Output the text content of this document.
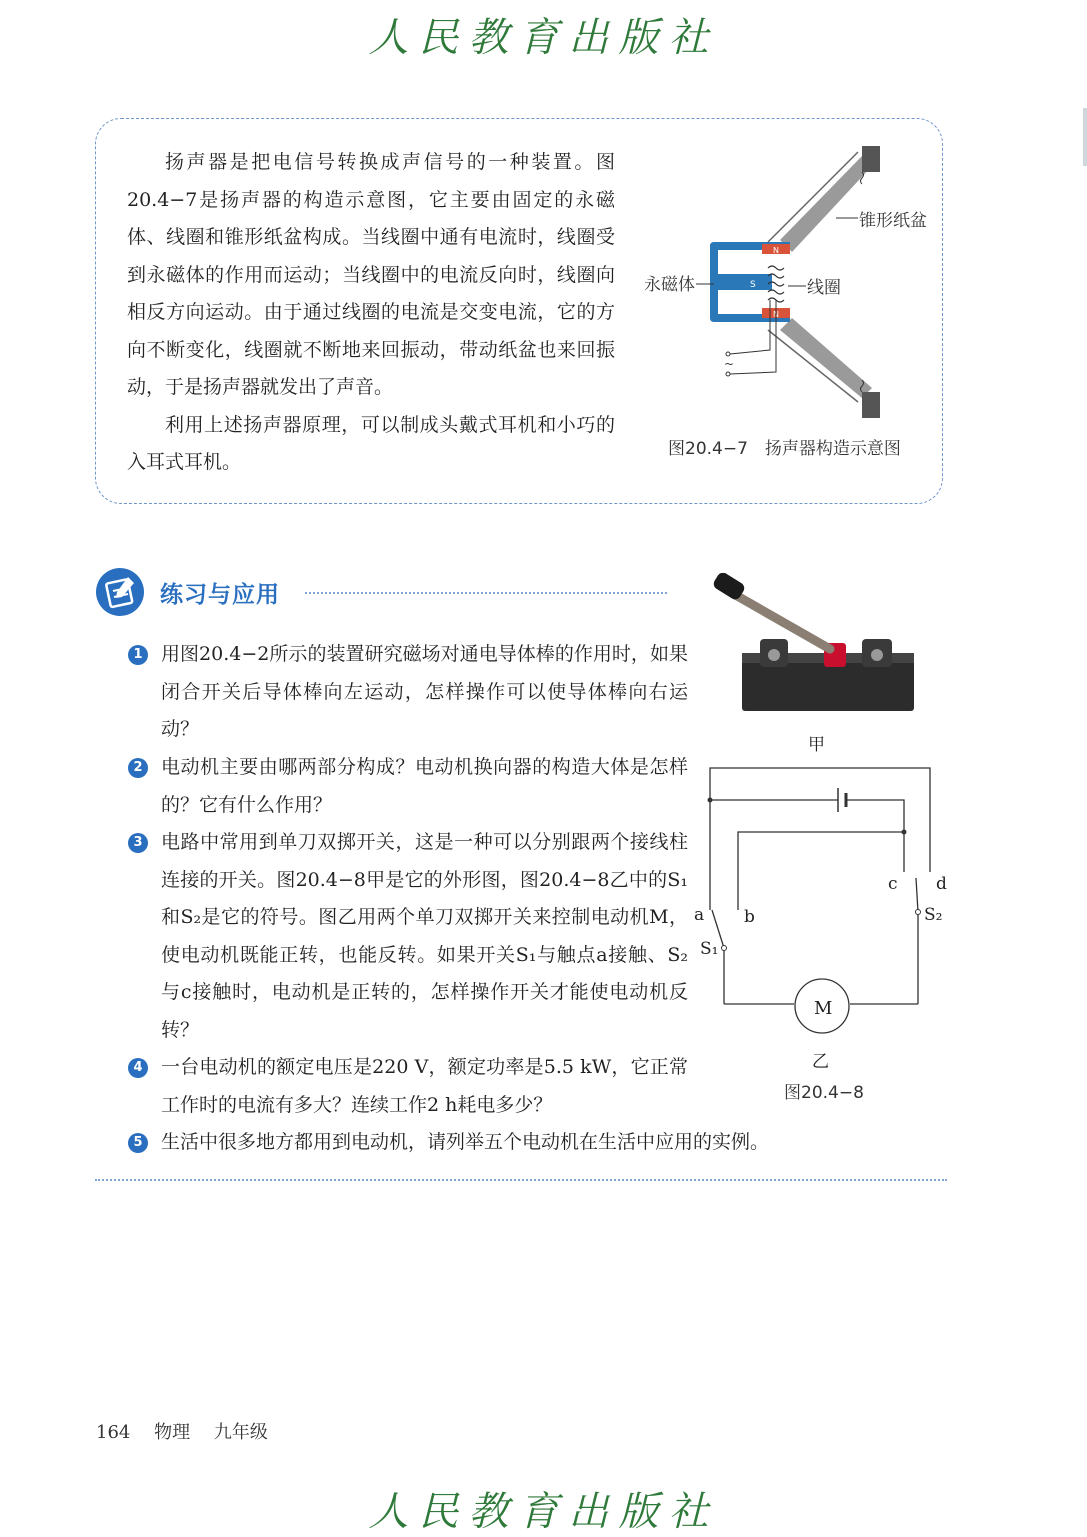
人民教育出版社

扬声器是把电信号转换成声信号的一种装置。图20.4−7是扬声器的构造示意图，它主要由固定的永磁体、线圈和锥形纸盆构成。当线圈中通有电流时，线圈受到永磁体的作用而运动；当线圈中的电流反向时，线圈向相反方向运动。由于通过线圈的电流是交变电流，它的方向不断变化，线圈就不断地来回振动，带动纸盆也来回振动，于是扬声器就发出了声音。

利用上述扬声器原理，可以制成头戴式耳机和小巧的入耳式耳机。

S
N
N
~
锥形纸盆
永磁体	线圈
图20.4−7　扬声器构造示意图
练习与应用
甲
a b
c d
S₁
S₂
M
乙
图20.4−8
1 用图20.4−2所示的装置研究磁场对通电导体棒的作用时，如果闭合开关后导体棒向左运动，怎样操作可以使导体棒向右运动？
2 电动机主要由哪两部分构成？电动机换向器的构造大体是怎样的？它有什么作用？
3 电路中常用到单刀双掷开关，这是一种可以分别跟两个接线柱连接的开关。图20.4−8甲是它的外形图，图20.4−8乙中的S₁和S₂是它的符号。图乙用两个单刀双掷开关来控制电动机M，使电动机既能正转，也能反转。如果开关S₁与触点a接触、S₂与c接触时，电动机是正转的，怎样操作开关才能使电动机反转？
4 一台电动机的额定电压是220 V，额定功率是5.5 kW，它正常工作时的电流有多大？连续工作2 h耗电多少？
5 生活中很多地方都用到电动机，请列举五个电动机在生活中应用的实例。
164 物理 九年级
人民教育出版社
